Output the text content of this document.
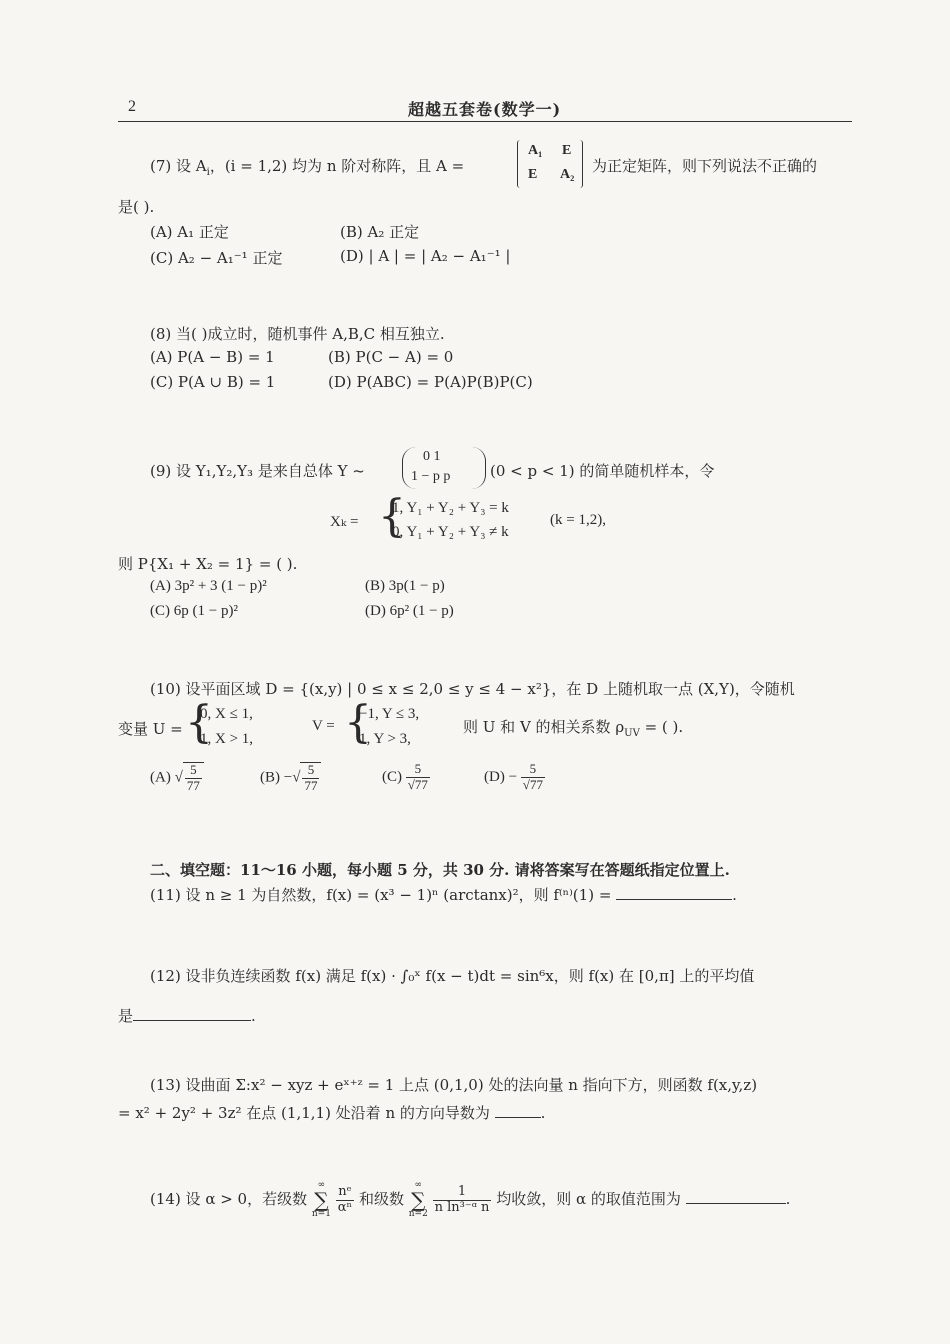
2	超越五套卷(数学一)
(7) 设 $A_i$，(i = 1,2) 均为 n 阶对称阵，且 A =
A₁ E
E A₂ 为正定矩阵，则下列说法不正确的
是( ).
(A) A₁ 正定	(B) A₂ 正定
(C) A₂ − A₁⁻¹ 正定	(D) | A | = | A₂ − A₁⁻¹ |
(8) 当( )成立时，随机事件 A,B,C 相互独立.
(A) P(A − B) = 1	(B) P(C − A) = 0
(C) P(A ∪ B) = 1	(D) P(ABC) = P(A)P(B)P(C)
(9) 设 Y₁,Y₂,Y₃ 是来自总体 Y ~
0 1
1 − p p	(0 < p < 1) 的简单随机样本，令
Xₖ = {
1, Y₁ + Y₂ + Y₃ = k
0, Y₁ + Y₂ + Y₃ ≠ k
(k = 1,2),
则 P{X₁ + X₂ = 1} = ( ).
(A) 3p² + 3 (1 − p)²	(B) 3p(1 − p)
(C) 6p (1 − p)²	(D) 6p² (1 − p)
(10) 设平面区域 D = {(x,y) | 0 ≤ x ≤ 2,0 ≤ y ≤ 4 − x²}，在 D 上随机取一点 (X,Y)，令随机
变量 U = {
0, X ≤ 1,
1, X > 1,
V = {
−1, Y ≤ 3,
1, Y > 3,
则 U 和 V 的相关系数 $\rho_{UV}$ = ( ).
(A) √ $\frac{5}{77}$	(B) −√ $\frac{5}{77}$	$(C) \frac{5}{√77}$	$(D) - \frac{5}{√77}$
二、填空题：11～16 小题，每小题 5 分，共 30 分. 请将答案写在答题纸指定位置上.
(11) 设 n ≥ 1 为自然数，f(x) = (x³ − 1)ⁿ (arctanx)²，则 f⁽ⁿ⁾(1) =	.
(12) 设非负连续函数 f(x) 满足 f(x) · ∫₀ˣ f(x − t)dt = sin⁶x，则 f(x) 在 [0,π] 上的平均值
是	.
(13) 设曲面 Σ:x² − xyz + eˣ⁺ᶻ = 1 上点 (0,1,0) 处的法向量 n 指向下方，则函数 f(x,y,z)
= x² + 2y² + 3z² 在点 (1,1,1) 处沿着 n 的方向导数为	.
(14) 设 α > 0，若级数 ∞
∑
$n=1 \frac{\text{nᵉ}}{\text{αⁿ}}$ 和级数 ∞
∑
$n=2 \frac{1}{\text{n ln³⁻ᵅ n}}$ 均收敛，则 α 的取值范围为	.
